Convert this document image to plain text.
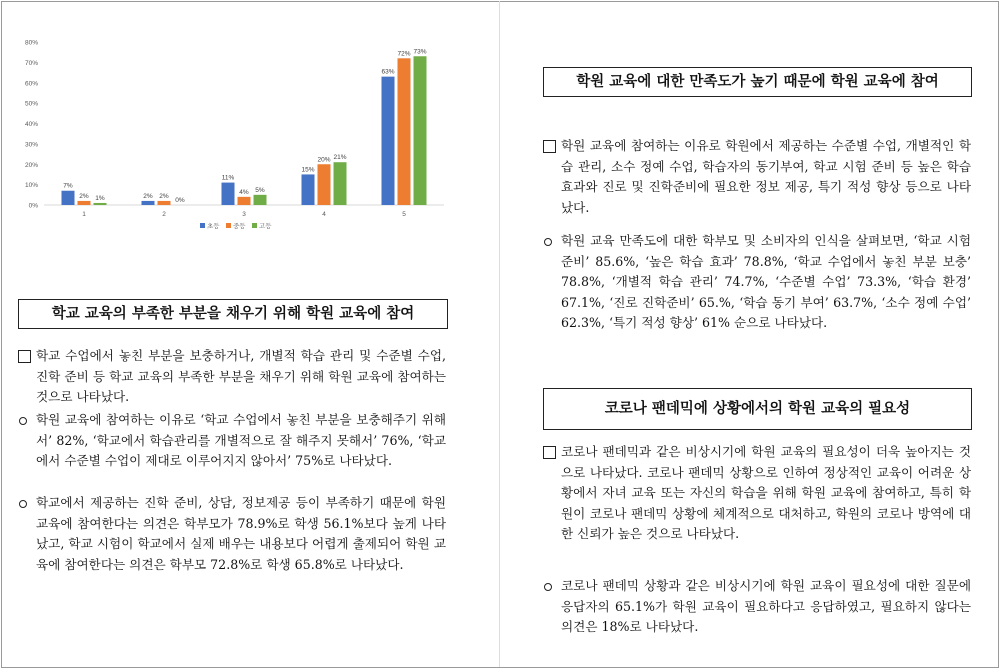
0%
10%
20%
30%
40%
50%
60%
70%
80%
7%
2% 1%
1
2% 2%
0%
2
11%
4% 5%
3
15%
20% 21%
4
63%
72% 73%
5
초등 중등 고등
학교 교육의 부족한 부분을 채우기 위해 학원 교육에 참여
학교 수업에서 놓친 부분을 보충하거나, 개별적 학습 관리 및 수준별 수업, 진학 준비 등 학교 교육의 부족한 부분을 채우기 위해 학원 교육에 참여하는 것으로 나타났다.
학원 교육에 참여하는 이유로 ‘학교 수업에서 놓친 부분을 보충해주기 위해서’ 82%, ‘학교에서 학습관리를 개별적으로 잘 해주지 못해서’ 76%, ‘학교에서 수준별 수업이 제대로 이루어지지 않아서’ 75%로 나타났다.
학교에서 제공하는 진학 준비, 상담, 정보제공 등이 부족하기 때문에 학원 교육에 참여한다는 의견은 학부모가 78.9%로 학생 56.1%보다 높게 나타났고, 학교 시험이 학교에서 실제 배우는 내용보다 어렵게 출제되어 학원 교육에 참여한다는 의견은 학부모 72.8%로 학생 65.8%로 나타났다.
학원 교육에 대한 만족도가 높기 때문에 학원 교육에 참여
학원 교육에 참여하는 이유로 학원에서 제공하는 수준별 수업, 개별적인 학습 관리, 소수 정예 수업, 학습자의 동기부여, 학교 시험 준비 등 높은 학습 효과와 진로 및 진학준비에 필요한 정보 제공, 특기 적성 향상 등으로 나타났다.
학원 교육 만족도에 대한 학부모 및 소비자의 인식을 살펴보면, ‘학교 시험 준비’ 85.6%, ‘높은 학습 효과’ 78.8%, ‘학교 수업에서 놓친 부분 보충’ 78.8%, ‘개별적 학습 관리’ 74.7%, ‘수준별 수업’ 73.3%, ‘학습 환경’ 67.1%, ‘진로 진학준비’ 65.%, ‘학습 동기 부여’ 63.7%, ‘소수 정예 수업’ 62.3%, ‘특기 적성 향상’ 61% 순으로 나타났다.
코로나 팬데믹에 상황에서의 학원 교육의 필요성
코로나 팬데믹과 같은 비상시기에 학원 교육의 필요성이 더욱 높아지는 것으로 나타났다. 코로나 팬데믹 상황으로 인하여 정상적인 교육이 어려운 상황에서 자녀 교육 또는 자신의 학습을 위해 학원 교육에 참여하고, 특히 학원이 코로나 팬데믹 상황에 체계적으로 대처하고, 학원의 코로나 방역에 대한 신뢰가 높은 것으로 나타났다.
코로나 팬데믹 상황과 같은 비상시기에 학원 교육이 필요성에 대한 질문에 응답자의 65.1%가 학원 교육이 필요하다고 응답하였고, 필요하지 않다는 의견은 18%로 나타났다.
